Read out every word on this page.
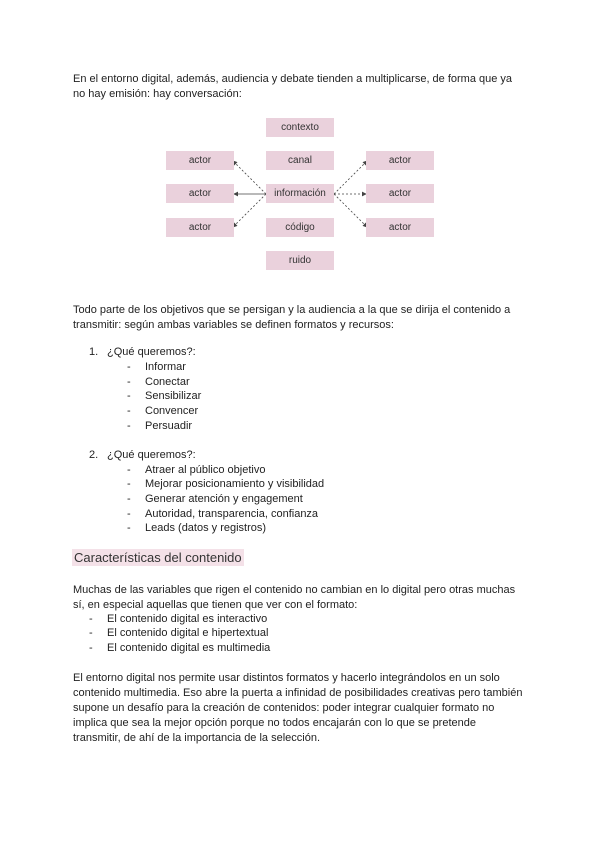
En el entorno digital, además, audiencia y debate tienden a multiplicarse, de forma que ya
no hay emisión: hay conversación:
contexto
canal
información
código
ruido
actor
actor
actor
actor
actor
actor
Todo parte de los objetivos que se persigan y la audiencia a la que se dirija el contenido a
transmitir: según ambas variables se definen formatos y recursos:
1. ¿Qué queremos?:
- Informar
- Conectar
- Sensibilizar
- Convencer
- Persuadir
2. ¿Qué queremos?:
- Atraer al público objetivo
- Mejorar posicionamiento y visibilidad
- Generar atención y engagement
- Autoridad, transparencia, confianza
- Leads (datos y registros)
Características del contenido
Muchas de las variables que rigen el contenido no cambian en lo digital pero otras muchas
sí, en especial aquellas que tienen que ver con el formato:
- El contenido digital es interactivo
- El contenido digital e hipertextual
- El contenido digital es multimedia
El entorno digital nos permite usar distintos formatos y hacerlo integrándolos en un solo
contenido multimedia. Eso abre la puerta a infinidad de posibilidades creativas pero también
supone un desafío para la creación de contenidos: poder integrar cualquier formato no
implica que sea la mejor opción porque no todos encajarán con lo que se pretende
transmitir, de ahí de la importancia de la selección.
